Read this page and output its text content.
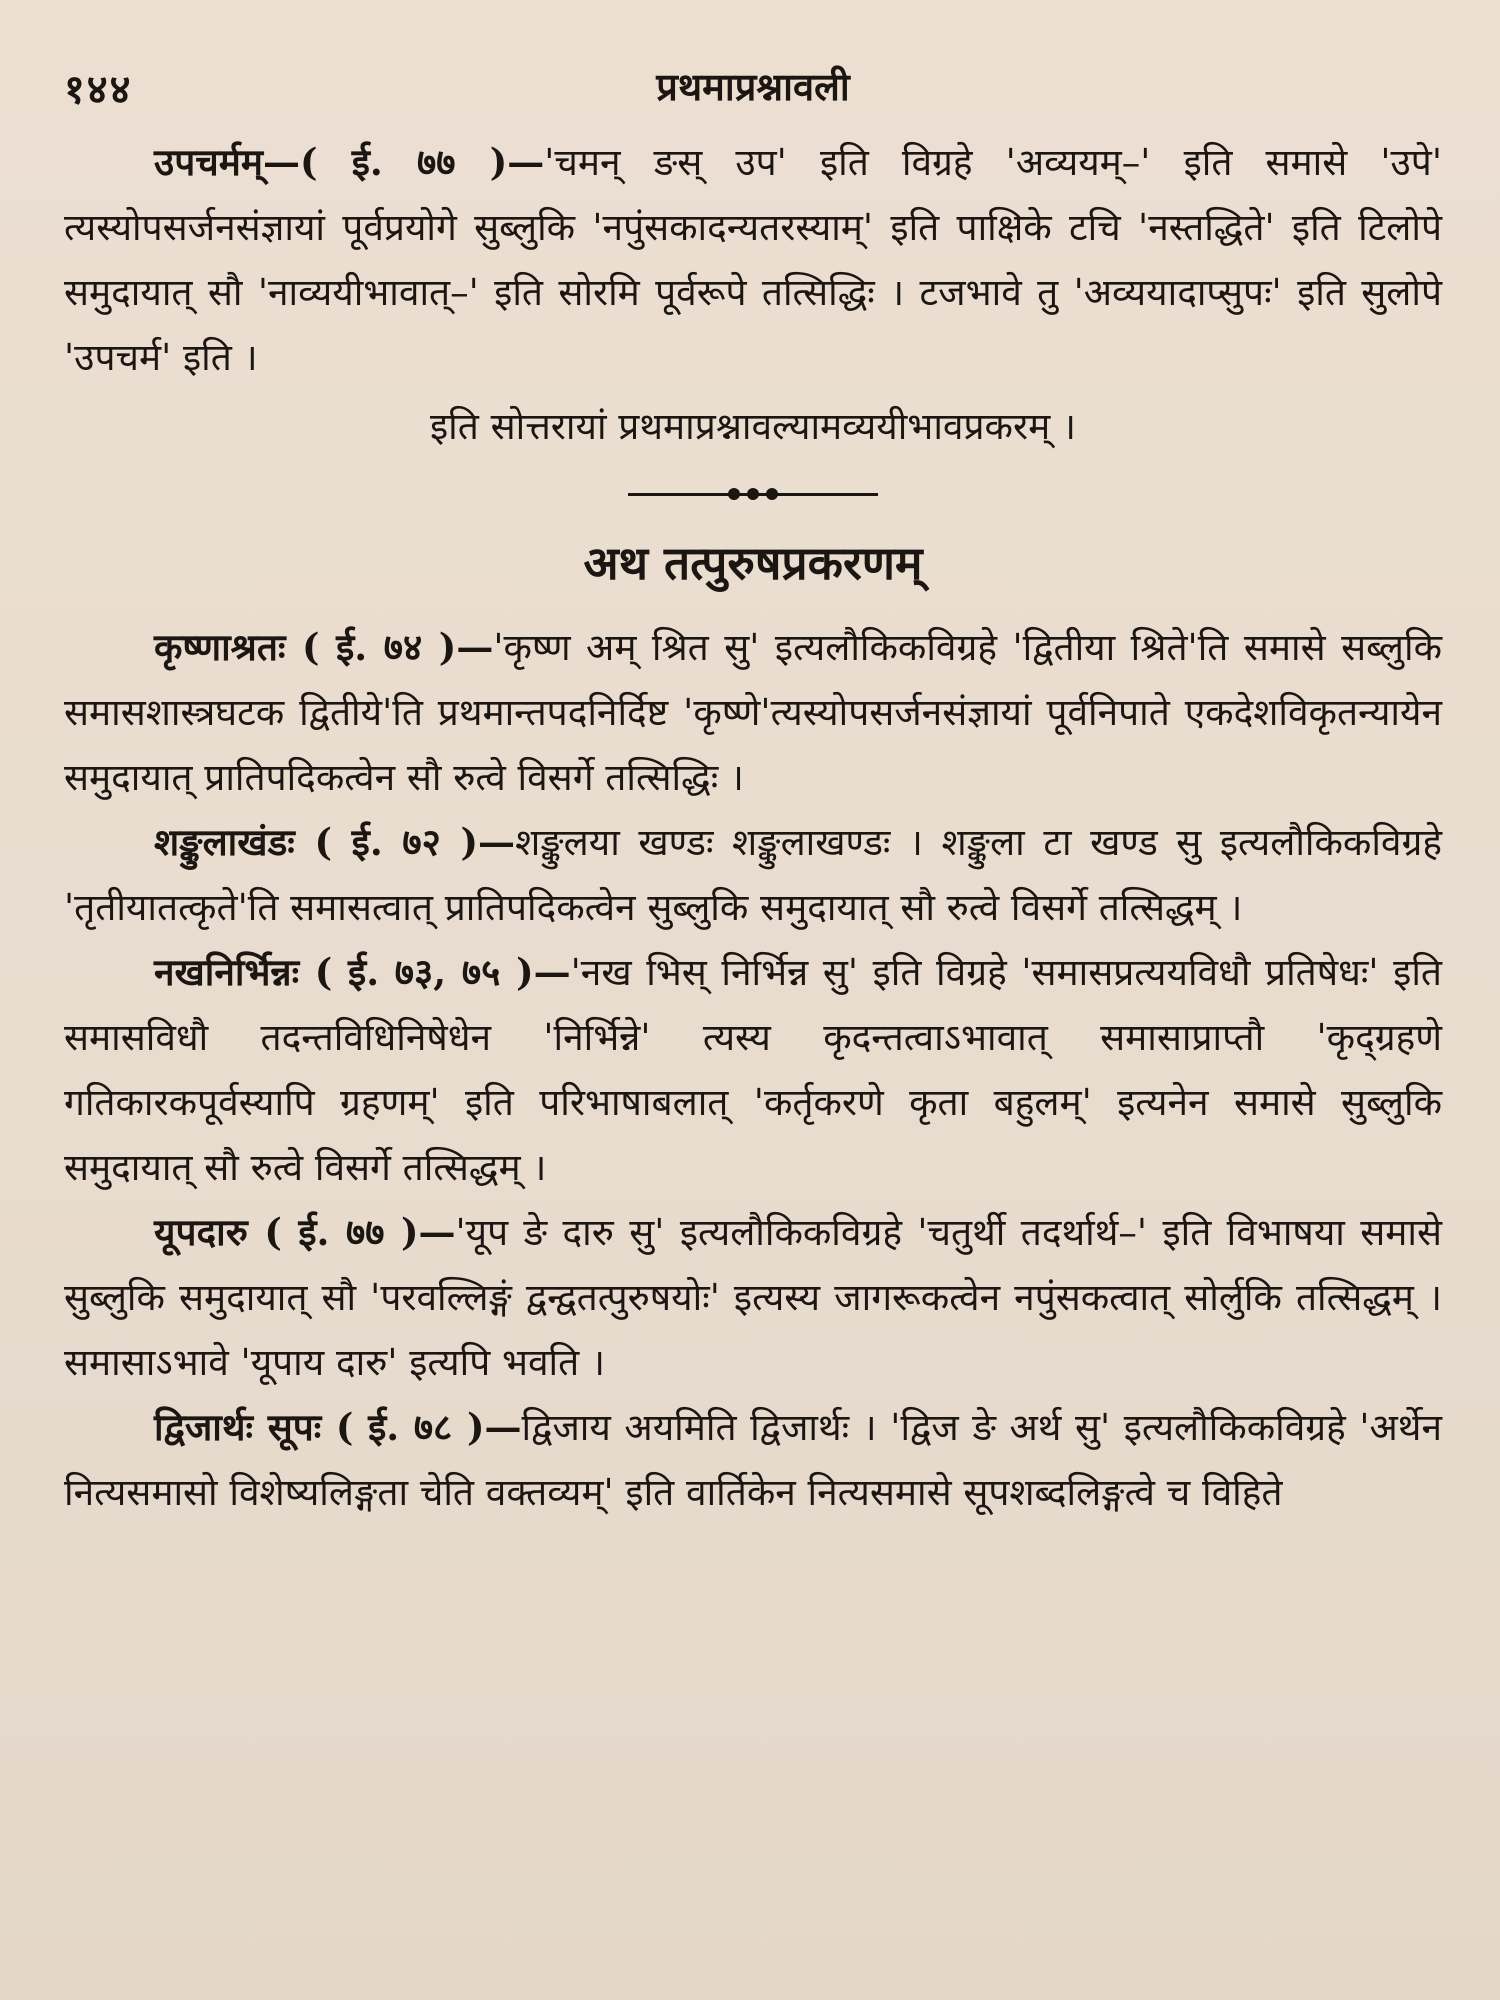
१४४	प्रथमाप्रश्नावली

उपचर्मम्—( ई. ७७ )—'चमन् ङस् उप' इति विग्रहे 'अव्ययम्–' इति समासे 'उपे' त्यस्योपसर्जनसंज्ञायां पूर्वप्रयोगे सुब्लुकि 'नपुंसकादन्यतरस्याम्' इति पाक्षिके टचि 'नस्तद्धिते' इति टिलोपे समुदायात् सौ 'नाव्ययीभावात्–' इति सोरमि पूर्वरूपे तत्सिद्धिः । टजभावे तु 'अव्ययादाप्सुपः' इति सुलोपे 'उपचर्म' इति ।

इति सोत्तरायां प्रथमाप्रश्नावल्यामव्ययीभावप्रकरम् ।

अथ तत्पुरुषप्रकरणम्

कृष्णाश्रतः ( ई. ७४ )—'कृष्ण अम् श्रित सु' इत्यलौकिकविग्रहे 'द्वितीया श्रिते'ति समासे सब्लुकि समासशास्त्रघटक द्वितीये'ति प्रथमान्तपदनिर्दिष्ट 'कृष्णे'त्यस्योपसर्जनसंज्ञायां पूर्वनिपाते एकदेशविकृतन्यायेन समुदायात् प्रातिपदिकत्वेन सौ रुत्वे विसर्गे तत्सिद्धिः ।

शङ्कुलाखंडः ( ई. ७२ )—शङ्कुलया खण्डः शङ्कुलाखण्डः । शङ्कुला टा खण्ड सु इत्यलौकिकविग्रहे 'तृतीयातत्कृते'ति समासत्वात् प्रातिपदिकत्वेन सुब्लुकि समुदायात् सौ रुत्वे विसर्गे तत्सिद्धम् ।

नखनिर्भिन्नः ( ई. ७३, ७५ )—'नख भिस् निर्भिन्न सु' इति विग्रहे 'समासप्रत्ययविधौ प्रतिषेधः' इति समासविधौ तदन्तविधिनिषेधेन 'निर्भिन्ने' त्यस्य कृदन्तत्वाऽभावात् समासाप्राप्तौ 'कृद्ग्रहणे गतिकारकपूर्वस्यापि ग्रहणम्' इति परिभाषाबलात् 'कर्तृकरणे कृता बहुलम्' इत्यनेन समासे सुब्लुकि समुदायात् सौ रुत्वे विसर्गे तत्सिद्धम् ।

यूपदारु ( ई. ७७ )—'यूप ङे दारु सु' इत्यलौकिकविग्रहे 'चतुर्थी तदर्थार्थ–' इति विभाषया समासे सुब्लुकि समुदायात् सौ 'परवल्लिङ्गं द्वन्द्वतत्पुरुषयोः' इत्यस्य जागरूकत्वेन नपुंसकत्वात् सोर्लुकि तत्सिद्धम् । समासाऽभावे 'यूपाय दारु' इत्यपि भवति ।

द्विजार्थः सूपः ( ई. ७८ )—द्विजाय अयमिति द्विजार्थः । 'द्विज ङे अर्थ सु' इत्यलौकिकविग्रहे 'अर्थेन नित्यसमासो विशेष्यलिङ्गता चेति वक्तव्यम्' इति वार्तिकेन नित्यसमासे सूपशब्दलिङ्गत्वे च विहिते
